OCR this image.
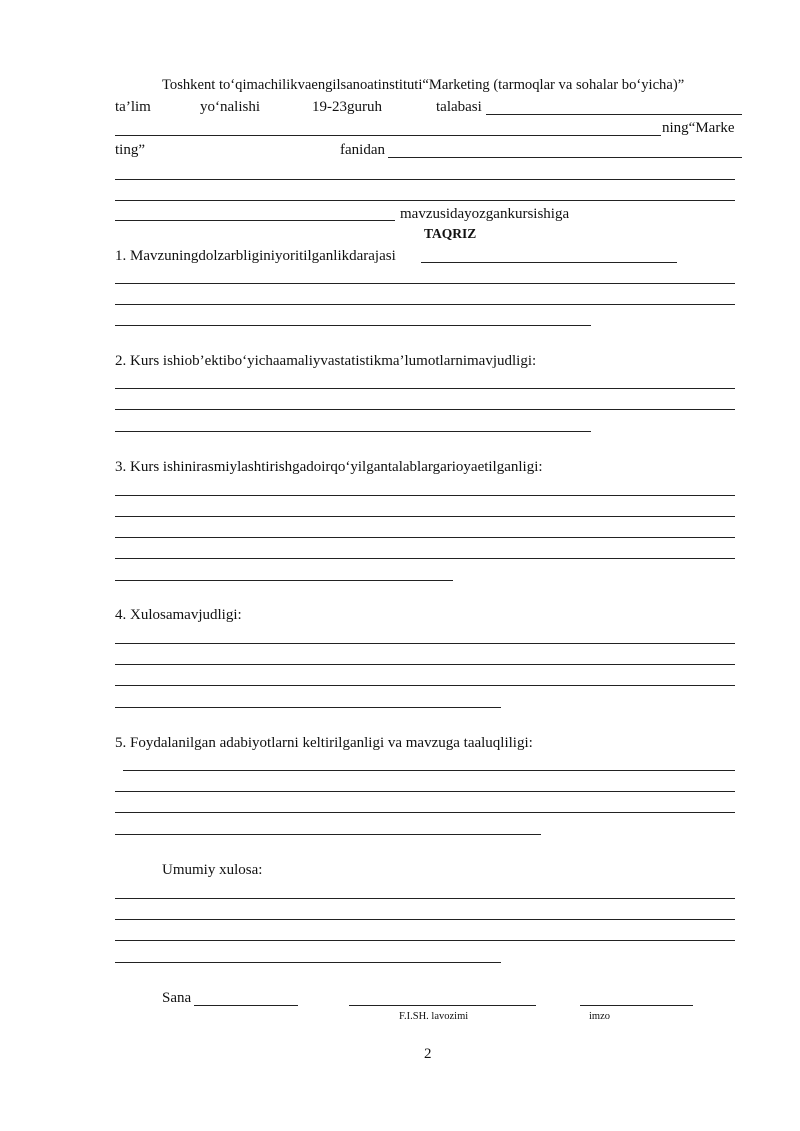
Toshkent to‘qimachilikvaengilsanoatinstituti“Marketing (tarmoqlar va sohalar bo‘yicha)”
ta’lim	yo‘nalishi	19-23guruh	talabasi
ning“Marke
ting”	fanidan
mavzusidayozgankursishiga
TAQRIZ
1. Mavzuningdolzarbliginiyoritilganlikdarajasi
2. Kurs ishiob’ektibo‘yichaamaliyvastatistikma’lumotlarnimavjudligi:
3. Kurs ishinirasmiylashtirishgadoirqo‘yilgantalablargarioyaetilganligi:
4. Xulosamavjudligi:
5. Foydalanilgan adabiyotlarni keltirilganligi va mavzuga taaluqliligi:
Umumiy xulosa:
Sana
F.I.SH. lavozimi	imzo
2
